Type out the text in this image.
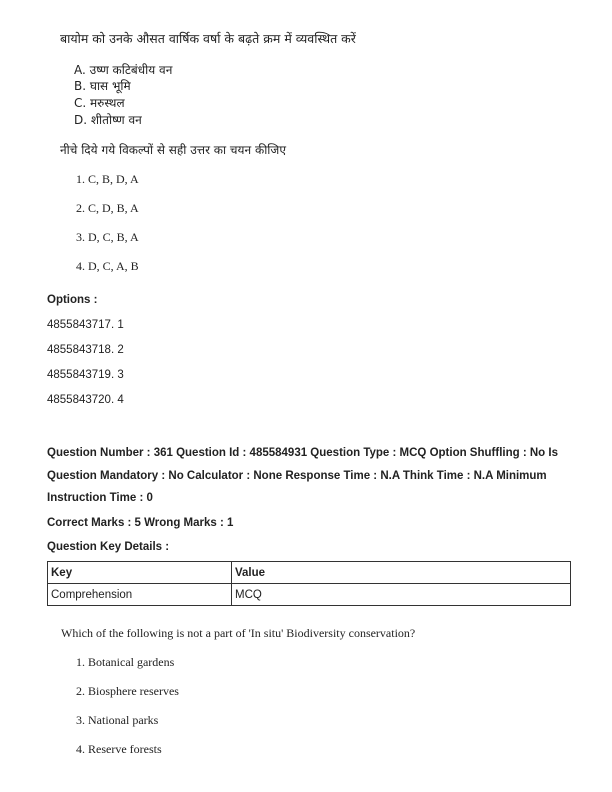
बायोम को उनके औसत वार्षिक वर्षा के बढ़ते क्रम में व्यवस्थित करें
A. उष्ण कटिबंधीय वन
B. घास भूमि
C. मरुस्थल
D. शीतोष्ण वन
नीचे दिये गये विकल्पों से सही उत्तर का चयन कीजिए
1. C, B, D, A
2. C, D, B, A
3. D, C, B, A
4. D, C, A, B
Options :
4855843717. 1
4855843718. 2
4855843719. 3
4855843720. 4
Question Number : 361 Question Id : 485584931 Question Type : MCQ Option Shuffling : No Is
Question Mandatory : No Calculator : None Response Time : N.A Think Time : N.A Minimum
Instruction Time : 0
Correct Marks : 5 Wrong Marks : 1
Question Key Details :
Key	Value
Comprehension	MCQ
Which of the following is not a part of 'In situ' Biodiversity conservation?
1. Botanical gardens
2. Biosphere reserves
3. National parks
4. Reserve forests
